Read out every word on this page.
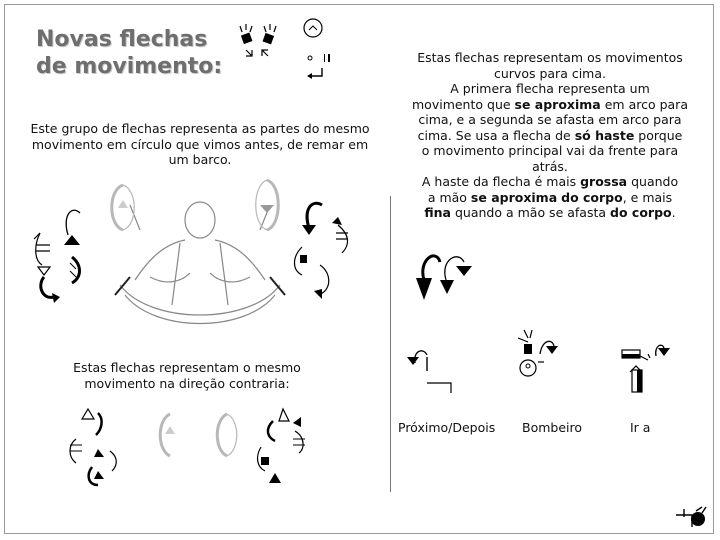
Novas flechas
de movimento:
Este grupo de flechas representa as partes do mesmo movimento em círculo que vimos antes, de remar em um barco.
Estas flechas representam o mesmo movimento na direção contraria:
Estas flechas representam os movimentos
curvos para cima.
A primera flecha representa um
movimento que se aproxima em arco para
cima, e a segunda se afasta em arco para
cima. Se usa a flecha de só haste porque
o movimento principal vai da frente para
atrás.
A haste da flecha é mais grossa quando
a mão se aproxima do corpo, e mais
fina quando a mão se afasta do corpo.
Próximo/Depois Bombeiro	Ir a
